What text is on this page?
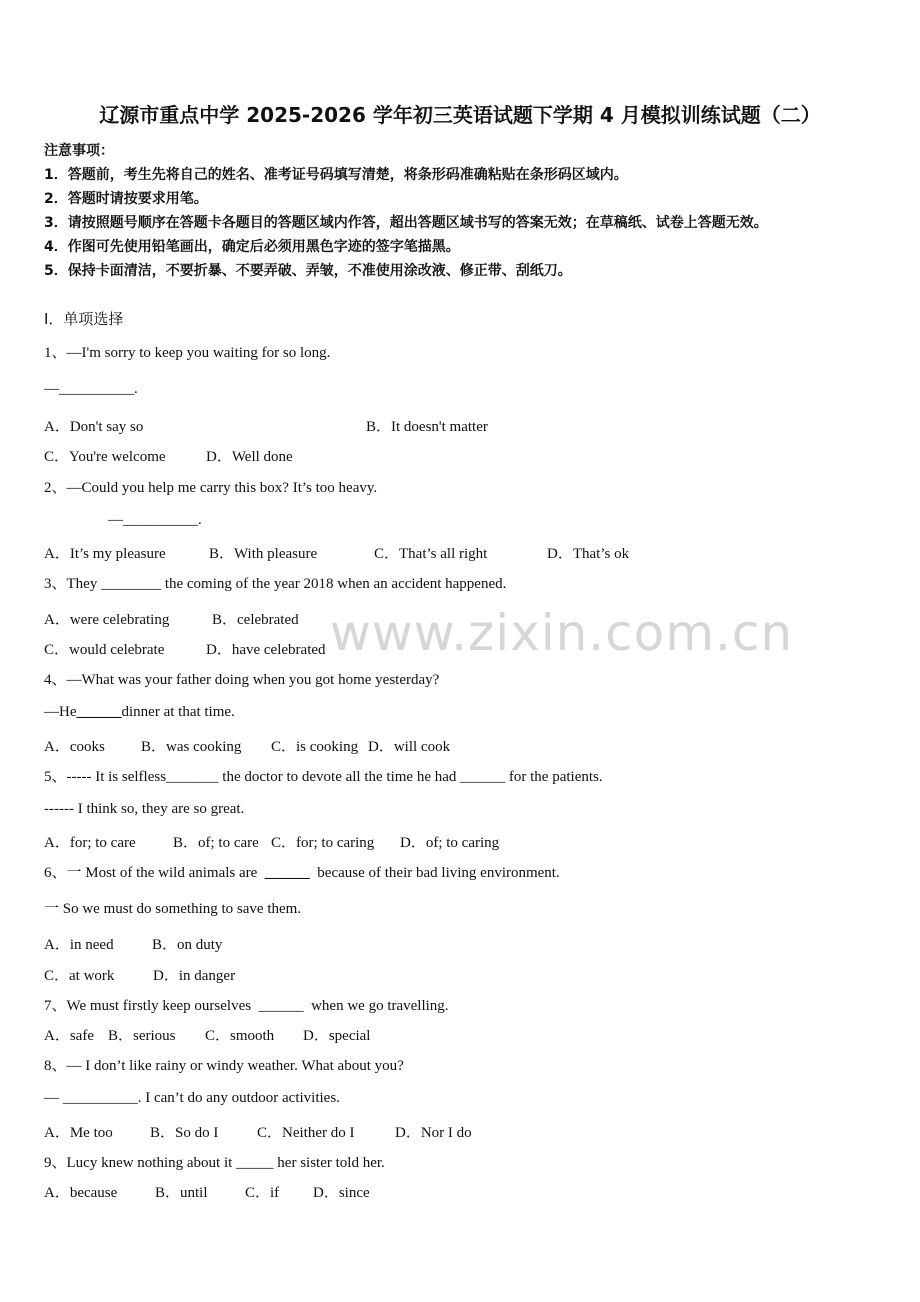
辽源市重点中学 2025-2026 学年初三英语试题下学期 4 月模拟训练试题（二）
注意事项：
1．答题前，考生先将自己的姓名、准考证号码填写清楚，将条形码准确粘贴在条形码区域内。
2．答题时请按要求用笔。
3．请按照题号顺序在答题卡各题目的答题区域内作答，超出答题区域书写的答案无效；在草稿纸、试卷上答题无效。
4．作图可先使用铅笔画出，确定后必须用黑色字迹的签字笔描黑。
5．保持卡面清洁，不要折暴、不要弄破、弄皱，不准使用涂改液、修正带、刮纸刀。
Ⅰ．单项选择
1、—I'm sorry to keep you waiting for so long.
—__________.
A．Don't say so	B．It doesn't matter
C．You're welcome	D．Well done
2、—Could you help me carry this box? It’s too heavy.
—__________.
A．It’s my pleasure	B．With pleasure	C．That’s all right	D．That’s ok
3、They ________ the coming of the year 2018 when an accident happened.
A．were celebrating	B．celebrated
C．would celebrate	D．have celebrated www.zixin.com.cn
4、—What was your father doing when you got home yesterday?
—He______dinner at that time.
A．cooks B．was cooking C．is cooking D．will cook
5、----- It is selfless_______ the doctor to devote all the time he had ______ for the patients.
------ I think so, they are so great.
A．for; to care B．of; to care C．for; to caring D．of; to caring
6、一 Most of the wild animals are ______ because of their bad living environment.
一 So we must do something to save them.
A．in need	B．on duty
C．at work	D．in danger
7、We must firstly keep ourselves ______ when we go travelling.
A．safe B．serious C．smooth D．special
8、— I don’t like rainy or windy weather. What about you?
— __________. I can’t do any outdoor activities.
A．Me too B．So do I	C．Neither do I	D．Nor I do
9、Lucy knew nothing about it _____ her sister told her.
A．because	B．until C．if D．since
